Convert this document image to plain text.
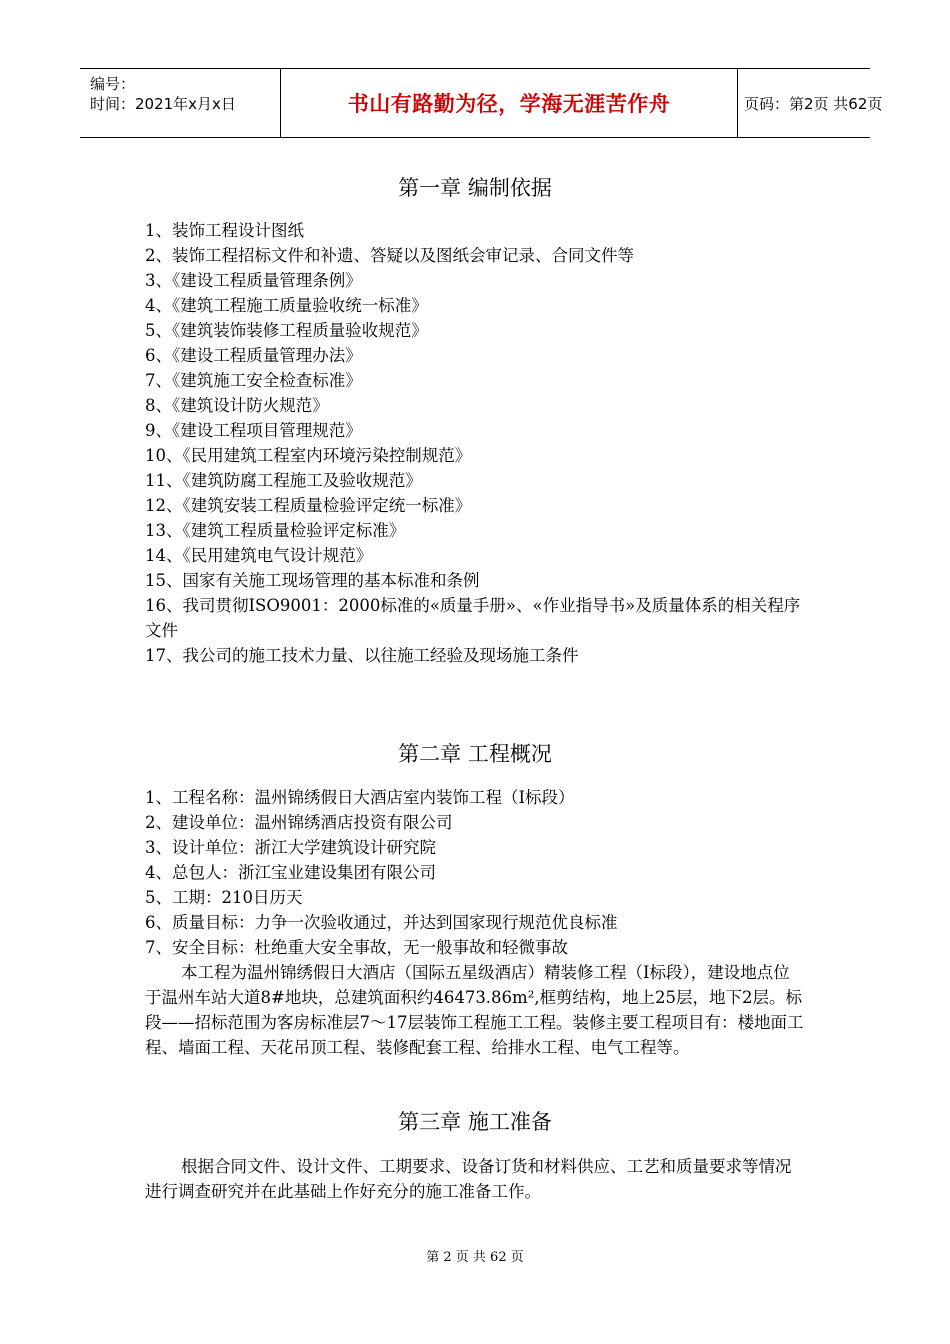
编号：
时间：2021年x月x日	书山有路勤为径，学海无涯苦作舟	页码：第2页 共62页
第一章 编制依据
1、装饰工程设计图纸
2、装饰工程招标文件和补遗、答疑以及图纸会审记录、合同文件等
3、《建设工程质量管理条例》
4、《建筑工程施工质量验收统一标准》
5、《建筑装饰装修工程质量验收规范》
6、《建设工程质量管理办法》
7、《建筑施工安全检查标准》
8、《建筑设计防火规范》
9、《建设工程项目管理规范》
10、《民用建筑工程室内环境污染控制规范》
11、《建筑防腐工程施工及验收规范》
12、《建筑安装工程质量检验评定统一标准》
13、《建筑工程质量检验评定标准》
14、《民用建筑电气设计规范》
15、国家有关施工现场管理的基本标准和条例
16、我司贯彻ISO9001：2000标准的«质量手册»、«作业指导书»及质量体系的相关程序文件
17、我公司的施工技术力量、以往施工经验及现场施工条件
第二章 工程概况
1、工程名称：温州锦绣假日大酒店室内装饰工程（I标段）
2、建设单位：温州锦绣酒店投资有限公司
3、设计单位：浙江大学建筑设计研究院
4、总包人：浙江宝业建设集团有限公司
5、工期：210日历天
6、质量目标：力争一次验收通过，并达到国家现行规范优良标准
7、安全目标：杜绝重大安全事故，无一般事故和轻微事故

本工程为温州锦绣假日大酒店（国际五星级酒店）精装修工程（I标段），建设地点位于温州车站大道8#地块，总建筑面积约46473.86m²,框剪结构，地上25层，地下2层。标段——招标范围为客房标准层7～17层装饰工程施工工程。装修主要工程项目有：楼地面工程、墙面工程、天花吊顶工程、装修配套工程、给排水工程、电气工程等。

第三章 施工准备

根据合同文件、设计文件、工期要求、设备订货和材料供应、工艺和质量要求等情况进行调查研究并在此基础上作好充分的施工准备工作。

第 2 页 共 62 页
